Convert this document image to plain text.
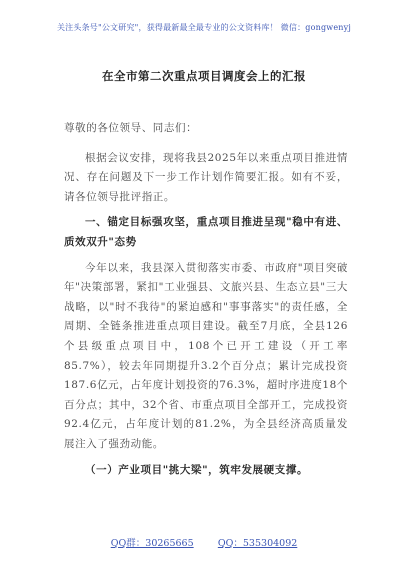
关注头条号"公文研究"，获得最新最全最专业的公文资料库！ 微信：gongwenyj
在全市第二次重点项目调度会上的汇报

尊敬的各位领导、同志们：

根据会议安排，现将我县2025年以来重点项目推进情况、存在问题及下一步工作计划作简要汇报。如有不妥，请各位领导批评指正。

一、锚定目标强攻坚，重点项目推进呈现"稳中有进、质效双升"态势

今年以来，我县深入贯彻落实市委、市政府"项目突破年"决策部署，紧扣"工业强县、文旅兴县、生态立县"三大战略，以"时不我待"的紧迫感和"事事落实"的责任感，全周期、全链条推进重点项目建设。截至7月底，全县126个县级重点项目中，108个已开工建设（开工率85.7%），较去年同期提升3.2个百分点；累计完成投资187.6亿元，占年度计划投资的76.3%，超时序进度18个百分点；其中，32个省、市重点项目全部开工，完成投资92.4亿元，占年度计划的81.2%，为全县经济高质量发展注入了强劲动能。

（一）产业项目"挑大梁"，筑牢发展硬支撑。

QQ群：30265665	QQ：535304092
